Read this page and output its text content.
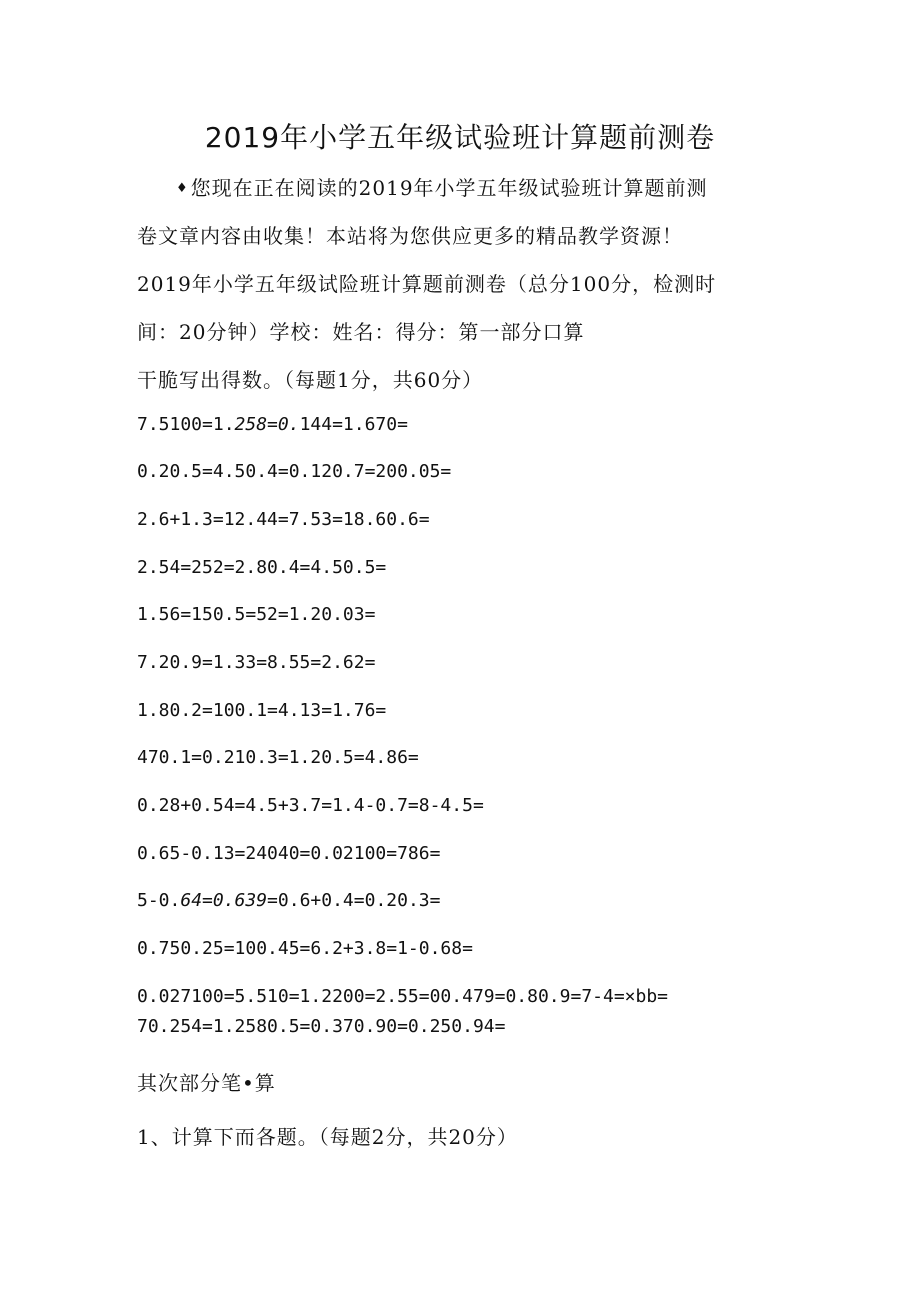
2019年小学五年级试验班计算题前测卷
♦ 您现在正在阅读的2019年小学五年级试验班计算题前测
卷文章内容由收集！本站将为您供应更多的精品教学资源！
2019年小学五年级试险班计算题前测卷（总分100分，检测时
间：20分钟）学校：姓名：得分：第一部分口算
干脆写出得数。（每题1分，共60分）
7.5100=1.258=0.144=1.670=
0.20.5=4.50.4=0.120.7=200.05=
2.6+1.3=12.44=7.53=18.60.6=
2.54=252=2.80.4=4.50.5=
1.56=150.5=52=1.20.03=
7.20.9=1.33=8.55=2.62=
1.80.2=100.1=4.13=1.76=
470.1=0.210.3=1.20.5=4.86=
0.28+0.54=4.5+3.7=1.4-0.7=8-4.5=
0.65-0.13=24040=0.02100=786=
5-0.64=0.639=0.6+0.4=0.20.3=
0.750.25=100.45=6.2+3.8=1-0.68=
0.027100=5.510=1.2200=2.55=00.479=0.80.9=7-4=×bb=
70.254=1.2580.5=0.370.90=0.250.94=
其次部分笔•算
1、计算下而各题。（每题2分，共20分）
